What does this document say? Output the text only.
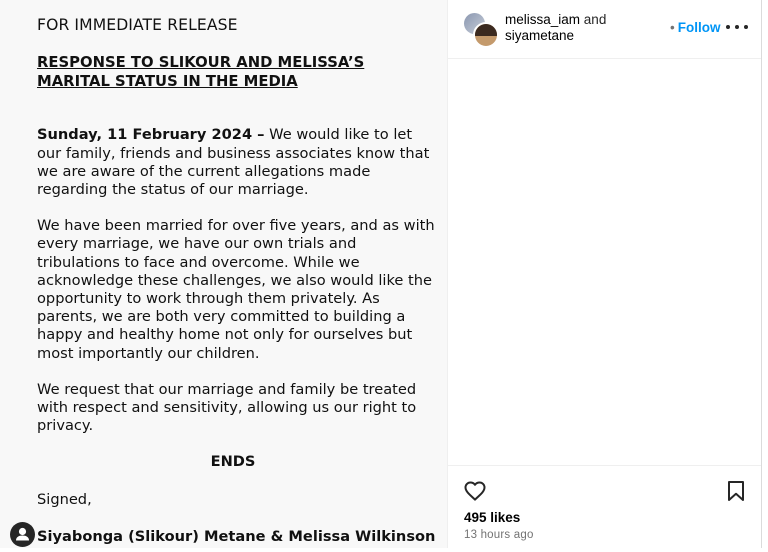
FOR IMMEDIATE RELEASE
RESPONSE TO SLIKOUR AND MELISSA’S MARITAL STATUS IN THE MEDIA
Sunday, 11 February 2024 – We would like to let our family, friends and business associates know that we are aware of the current allegations made regarding the status of our marriage.
We have been married for over five years, and as with every marriage, we have our own trials and tribulations to face and overcome. While we acknowledge these challenges, we also would like the opportunity to work through them privately. As parents, we are both very committed to building a happy and healthy home not only for ourselves but most importantly our children.
We request that our marriage and family be treated with respect and sensitivity, allowing us our right to privacy.
ENDS
Signed,
Siyabonga (Slikour) Metane & Melissa Wilkinson
melissa_iam and
siyametane
• Follow
495 likes
13 hours ago
